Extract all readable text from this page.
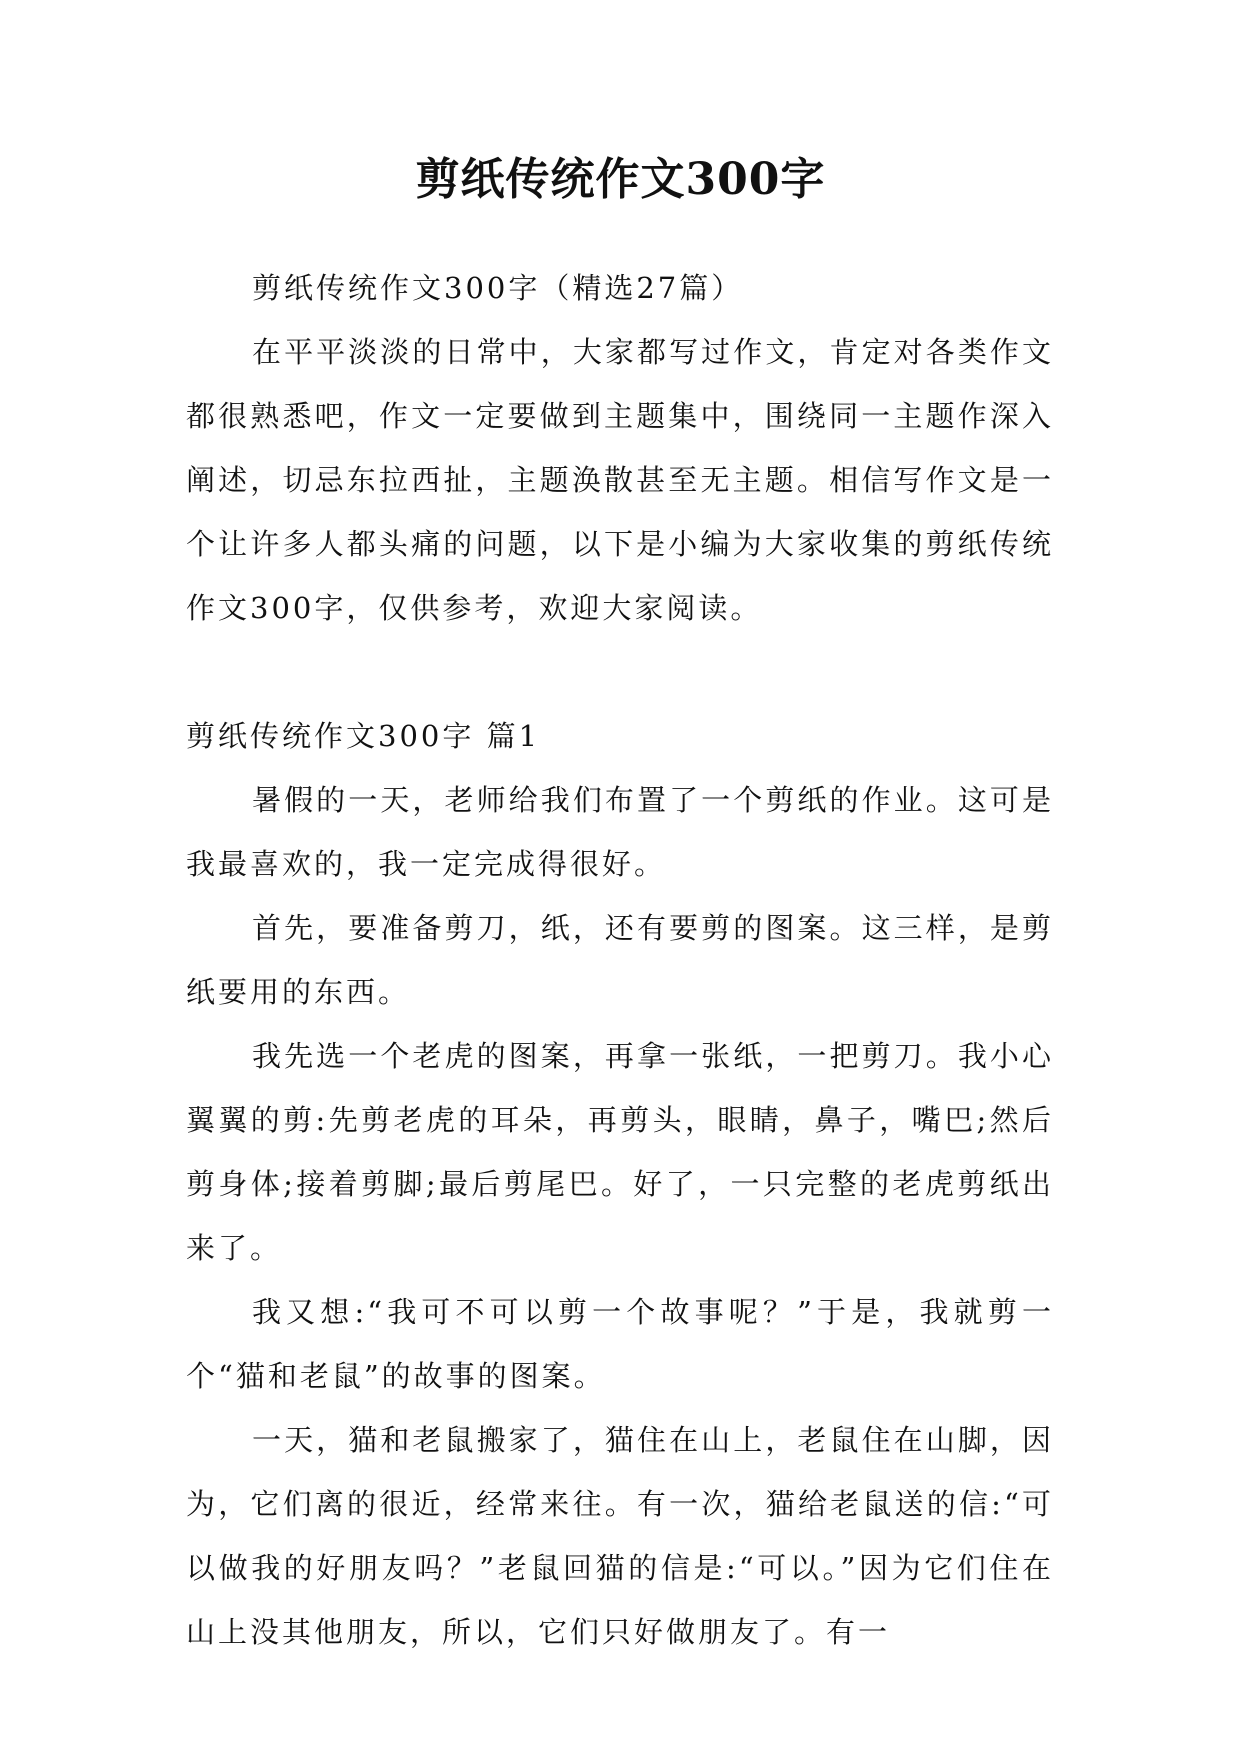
剪纸传统作文300字

剪纸传统作文300字（精选27篇）

在平平淡淡的日常中，大家都写过作文，肯定对各类作文都很熟悉吧，作文一定要做到主题集中，围绕同一主题作深入阐述，切忌东拉西扯，主题涣散甚至无主题。相信写作文是一个让许多人都头痛的问题，以下是小编为大家收集的剪纸传统作文300字，仅供参考，欢迎大家阅读。

剪纸传统作文300字 篇1

暑假的一天，老师给我们布置了一个剪纸的作业。这可是我最喜欢的，我一定完成得很好。

首先，要准备剪刀，纸，还有要剪的图案。这三样，是剪纸要用的东西。

我先选一个老虎的图案，再拿一张纸，一把剪刀。我小心翼翼的剪:先剪老虎的耳朵，再剪头，眼睛，鼻子，嘴巴;然后剪身体;接着剪脚;最后剪尾巴。好了，一只完整的老虎剪纸出来了。

我又想:“我可不可以剪一个故事呢？”于是，我就剪一个“猫和老鼠”的故事的图案。

一天，猫和老鼠搬家了，猫住在山上，老鼠住在山脚，因为，它们离的很近，经常来往。有一次，猫给老鼠送的信:“可以做我的好朋友吗？”老鼠回猫的信是:“可以。”因为它们住在山上没其他朋友，所以，它们只好做朋友了。有一
